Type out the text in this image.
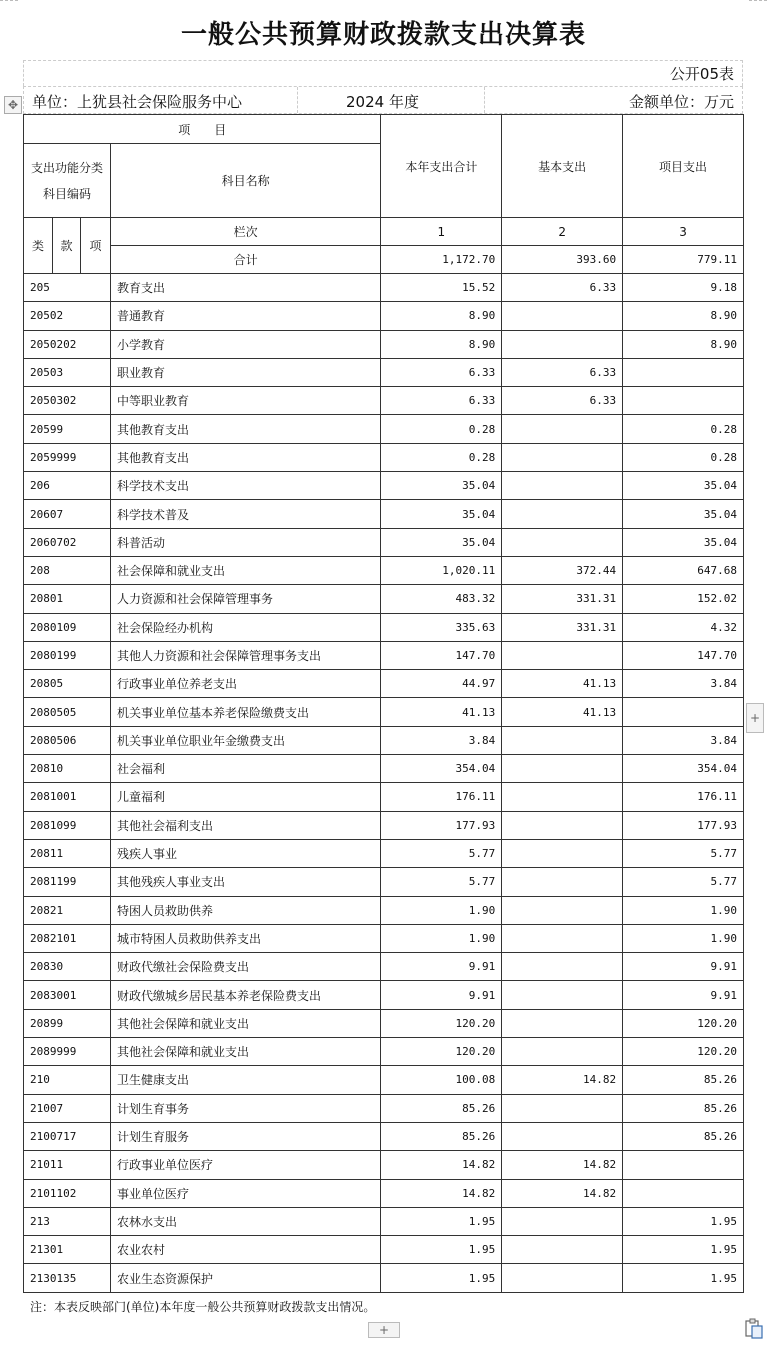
一般公共预算财政拨款支出决算表
公开05表
单位：上犹县社会保险服务中心	2024 年度	金额单位：万元
✥
项　　目				本年支出合计	基本支出	项目支出

支出功能分类
科目编码			科目名称			
类	款	项	栏次	1	2	3
			合计	1,172.70	393.60	779.11
205			教育支出	15.52	6.33	9.18
20502			普通教育	8.90		8.90
2050202			小学教育	8.90		8.90
20503			职业教育	6.33	6.33	
2050302			中等职业教育	6.33	6.33	
20599			其他教育支出	0.28		0.28
2059999			其他教育支出	0.28		0.28
206			科学技术支出	35.04		35.04
20607			科学技术普及	35.04		35.04
2060702			科普活动	35.04		35.04
208			社会保障和就业支出	1,020.11	372.44	647.68
20801			人力资源和社会保障管理事务	483.32	331.31	152.02
2080109			社会保险经办机构	335.63	331.31	4.32
2080199			其他人力资源和社会保障管理事务支出	147.70		147.70
20805			行政事业单位养老支出	44.97	41.13	3.84
2080505			机关事业单位基本养老保险缴费支出	41.13	41.13	
2080506			机关事业单位职业年金缴费支出	3.84		3.84
20810			社会福利	354.04		354.04
2081001			儿童福利	176.11		176.11
2081099			其他社会福利支出	177.93		177.93
20811			残疾人事业	5.77		5.77
2081199			其他残疾人事业支出	5.77		5.77
20821			特困人员救助供养	1.90		1.90
2082101			城市特困人员救助供养支出	1.90		1.90
20830			财政代缴社会保险费支出	9.91		9.91
2083001			财政代缴城乡居民基本养老保险费支出	9.91		9.91
20899			其他社会保障和就业支出	120.20		120.20
2089999			其他社会保障和就业支出	120.20		120.20
210			卫生健康支出	100.08	14.82	85.26
21007			计划生育事务	85.26		85.26
2100717			计划生育服务	85.26		85.26
21011			行政事业单位医疗	14.82	14.82	
2101102			事业单位医疗	14.82	14.82	
213			农林水支出	1.95		1.95
21301			农业农村	1.95		1.95
2130135			农业生态资源保护	1.95		1.95
注：本表反映部门(单位)本年度一般公共预算财政拨款支出情况。
+
+
